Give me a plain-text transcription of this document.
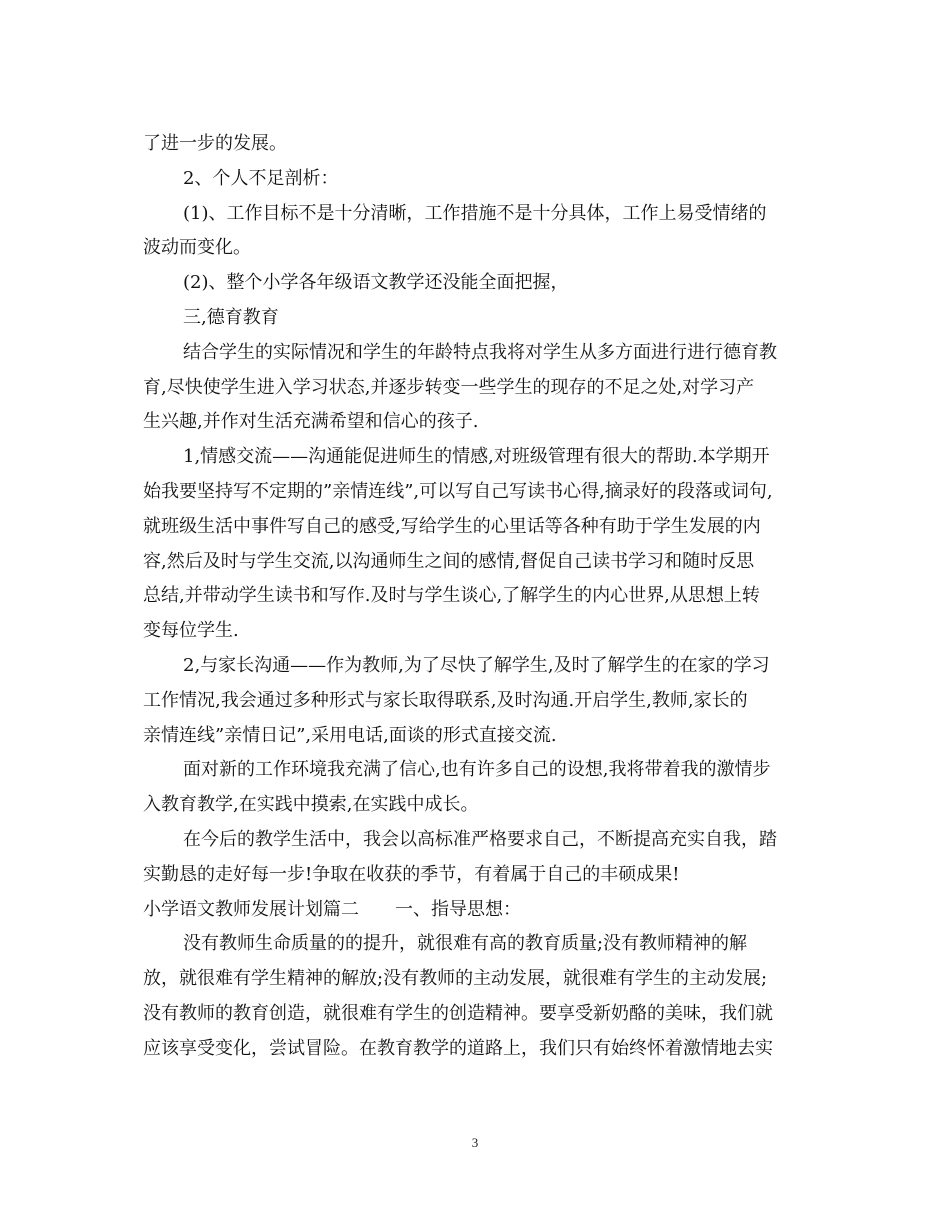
了进一步的发展。
2、个人不足剖析：
(1)、工作目标不是十分清晰，工作措施不是十分具体，工作上易受情绪的
波动而变化。
(2)、整个小学各年级语文教学还没能全面把握，
三,德育教育
结合学生的实际情况和学生的年龄特点我将对学生从多方面进行进行德育教
育,尽快使学生进入学习状态,并逐步转变一些学生的现存的不足之处,对学习产
生兴趣,并作对生活充满希望和信心的孩子.
1,情感交流——沟通能促进师生的情感,对班级管理有很大的帮助.本学期开
始我要坚持写不定期的”亲情连线”,可以写自己写读书心得,摘录好的段落或词句,
就班级生活中事件写自己的感受,写给学生的心里话等各种有助于学生发展的内
容,然后及时与学生交流,以沟通师生之间的感情,督促自己读书学习和随时反思
总结,并带动学生读书和写作.及时与学生谈心,了解学生的内心世界,从思想上转
变每位学生.
2,与家长沟通——作为教师,为了尽快了解学生,及时了解学生的在家的学习
工作情况,我会通过多种形式与家长取得联系,及时沟通.开启学生,教师,家长的
亲情连线”亲情日记”,采用电话,面谈的形式直接交流.
面对新的工作环境我充满了信心,也有许多自己的设想,我将带着我的激情步
入教育教学,在实践中摸索,在实践中成长。
在今后的教学生活中，我会以高标准严格要求自己，不断提高充实自我，踏
实勤恳的走好每一步!争取在收获的季节，有着属于自己的丰硕成果!
小学语文教师发展计划篇二　　一、指导思想：
没有教师生命质量的的提升，就很难有高的教育质量;没有教师精神的解
放，就很难有学生精神的解放;没有教师的主动发展，就很难有学生的主动发展;
没有教师的教育创造，就很难有学生的创造精神。要享受新奶酪的美味，我们就
应该享受变化，尝试冒险。在教育教学的道路上，我们只有始终怀着激情地去实
3
